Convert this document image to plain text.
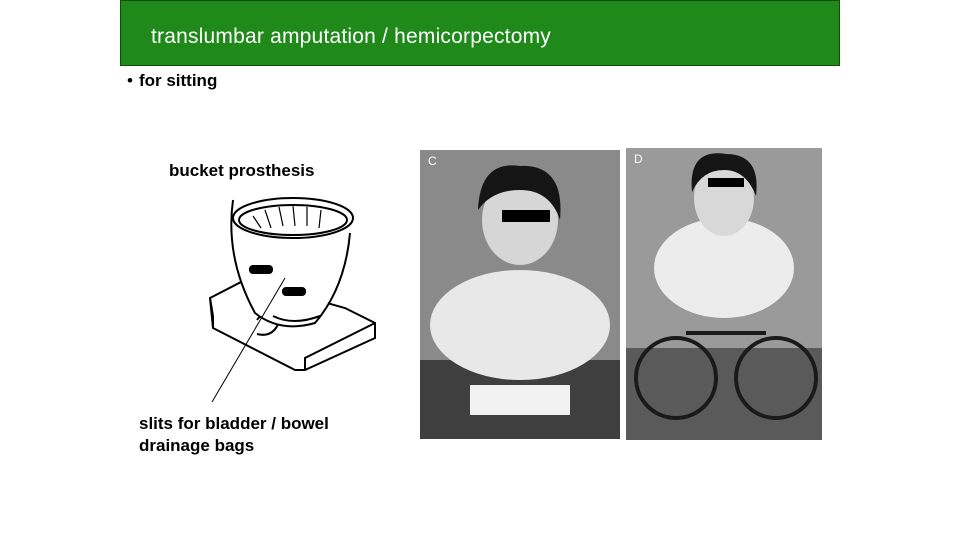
translumbar amputation / hemicorpectomy
• for sitting
bucket prosthesis
slits for bladder / bowel
drainage bags
C	D
